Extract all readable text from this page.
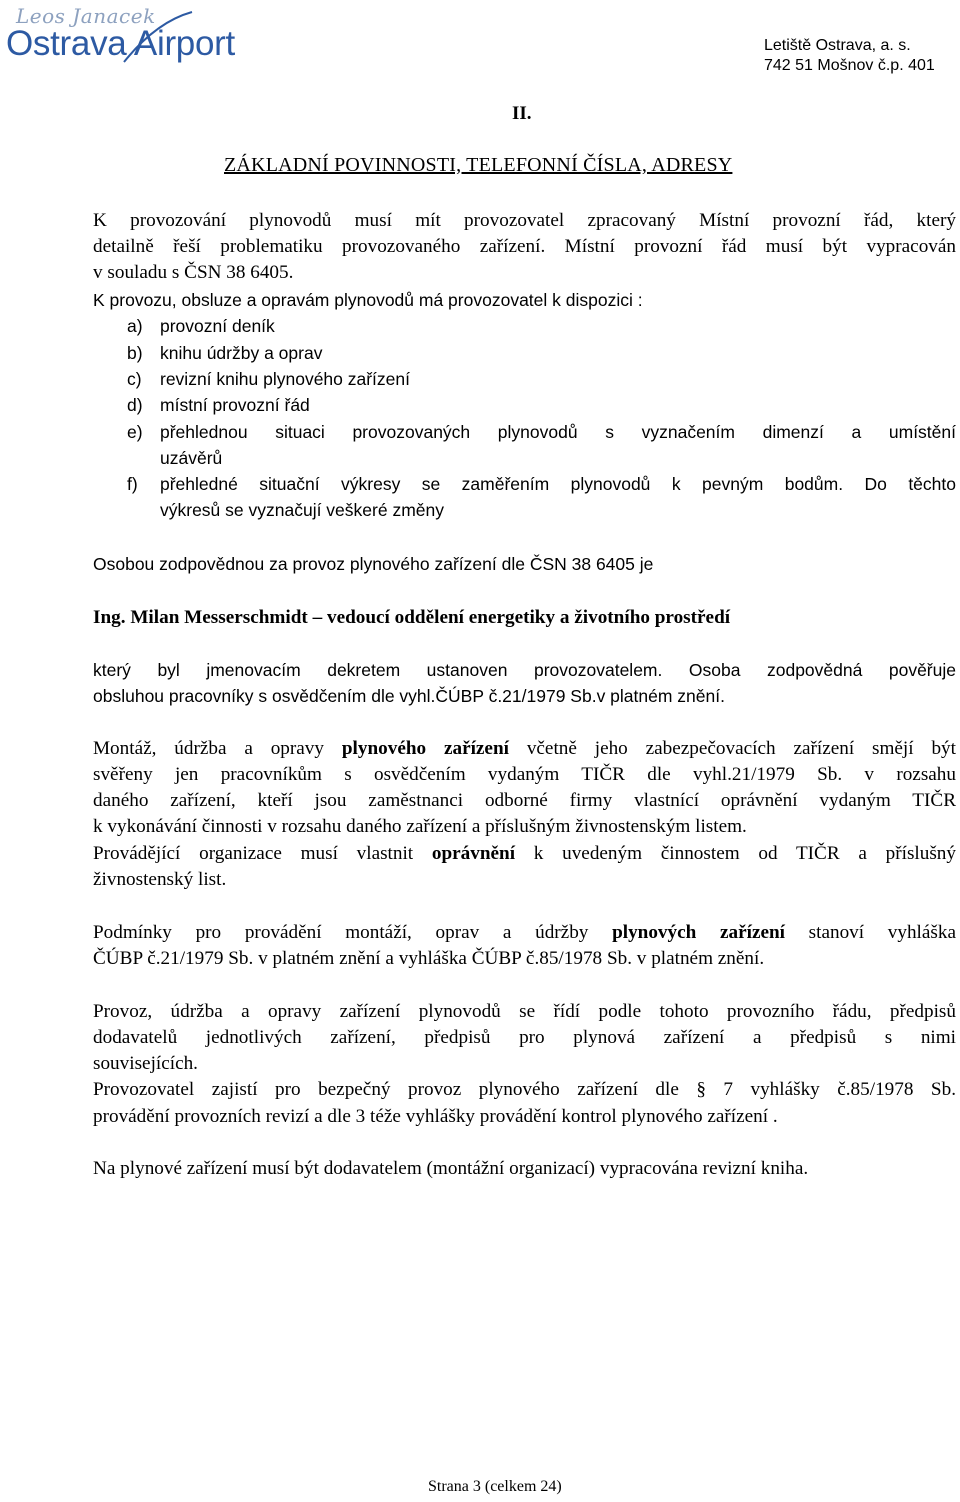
Leos Janacek
Ostrava Airport	Letiště Ostrava, a. s.
742 51 Mošnov č.p. 401
II.
ZÁKLADNÍ POVINNOSTI, TELEFONNÍ ČÍSLA, ADRESY
K provozování plynovodů musí mít provozovatel zpracovaný Místní provozní řád, který
detailně řeší problematiku provozovaného zařízení. Místní provozní řád musí být vypracován
v souladu s ČSN 38 6405.
K provozu, obsluze a opravám plynovodů má provozovatel k dispozici :
a) provozní deník
b) knihu údržby a oprav
c) revizní knihu plynového zařízení
d) místní provozní řád
e) přehlednou situaci provozovaných plynovodů s vyznačením dimenzí a umístění
uzávěrů
f) přehledné situační výkresy se zaměřením plynovodů k pevným bodům. Do těchto
výkresů se vyznačují veškeré změny
Osobou zodpovědnou za provoz plynového zařízení dle ČSN 38 6405 je
Ing. Milan Messerschmidt – vedoucí oddělení energetiky a životního prostředí
který byl jmenovacím dekretem ustanoven provozovatelem. Osoba zodpovědná pověřuje
obsluhou pracovníky s osvědčením dle vyhl.ČÚBP č.21/1979 Sb.v platném znění.
Montáž, údržba a opravy plynového zařízení včetně jeho zabezpečovacích zařízení smějí být
svěřeny jen pracovníkům s osvědčením vydaným TIČR dle vyhl.21/1979 Sb. v rozsahu
daného zařízení, kteří jsou zaměstnanci odborné firmy vlastnící oprávnění vydaným TIČR
k vykonávání činnosti v rozsahu daného zařízení a příslušným živnostenským listem.
Provádějící organizace musí vlastnit oprávnění k uvedeným činnostem od TIČR a příslušný
živnostenský list.
Podmínky pro provádění montáží, oprav a údržby plynových zařízení stanoví vyhláška
ČÚBP č.21/1979 Sb. v platném znění a vyhláška ČÚBP č.85/1978 Sb. v platném znění.
Provoz, údržba a opravy zařízení plynovodů se řídí podle tohoto provozního řádu, předpisů
dodavatelů jednotlivých zařízení, předpisů pro plynová zařízení a předpisů s nimi
souvisejících.
Provozovatel zajistí pro bezpečný provoz plynového zařízení dle § 7 vyhlášky č.85/1978 Sb.
provádění provozních revizí a dle 3 téže vyhlášky provádění kontrol plynového zařízení .
Na plynové zařízení musí být dodavatelem (montážní organizací) vypracována revizní kniha.
Strana 3 (celkem 24)
